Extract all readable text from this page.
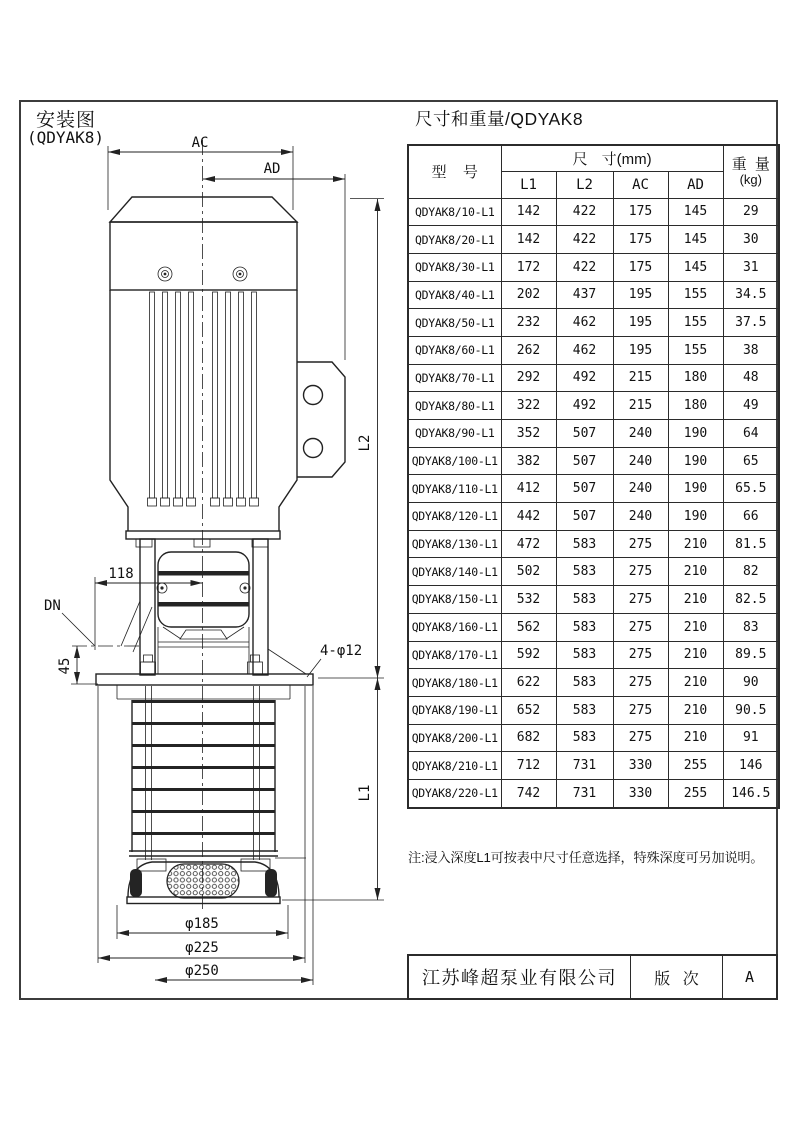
安装图
(QDYAK8)
尺寸和重量/QDYAK8
AC
AD
L2
L1
118
DN
45
4-φ12
φ185
φ225
φ250
型 号	尺 寸(mm)				重 量
(kg)

	L1	L2	AC	AD	
QDYAK8/10-L1	142	422	175	145	29
QDYAK8/20-L1	142	422	175	145	30
QDYAK8/30-L1	172	422	175	145	31
QDYAK8/40-L1	202	437	195	155	34.5
QDYAK8/50-L1	232	462	195	155	37.5
QDYAK8/60-L1	262	462	195	155	38
QDYAK8/70-L1	292	492	215	180	48
QDYAK8/80-L1	322	492	215	180	49
QDYAK8/90-L1	352	507	240	190	64
QDYAK8/100-L1	382	507	240	190	65
QDYAK8/110-L1	412	507	240	190	65.5
QDYAK8/120-L1	442	507	240	190	66
QDYAK8/130-L1	472	583	275	210	81.5
QDYAK8/140-L1	502	583	275	210	82
QDYAK8/150-L1	532	583	275	210	82.5
QDYAK8/160-L1	562	583	275	210	83
QDYAK8/170-L1	592	583	275	210	89.5
QDYAK8/180-L1	622	583	275	210	90
QDYAK8/190-L1	652	583	275	210	90.5
QDYAK8/200-L1	682	583	275	210	91
QDYAK8/210-L1	712	731	330	255	146
QDYAK8/220-L1	742	731	330	255	146.5
注:浸入深度L1可按表中尺寸任意选择，特殊深度可另加说明。
江苏峰超泵业有限公司	版 次	A
